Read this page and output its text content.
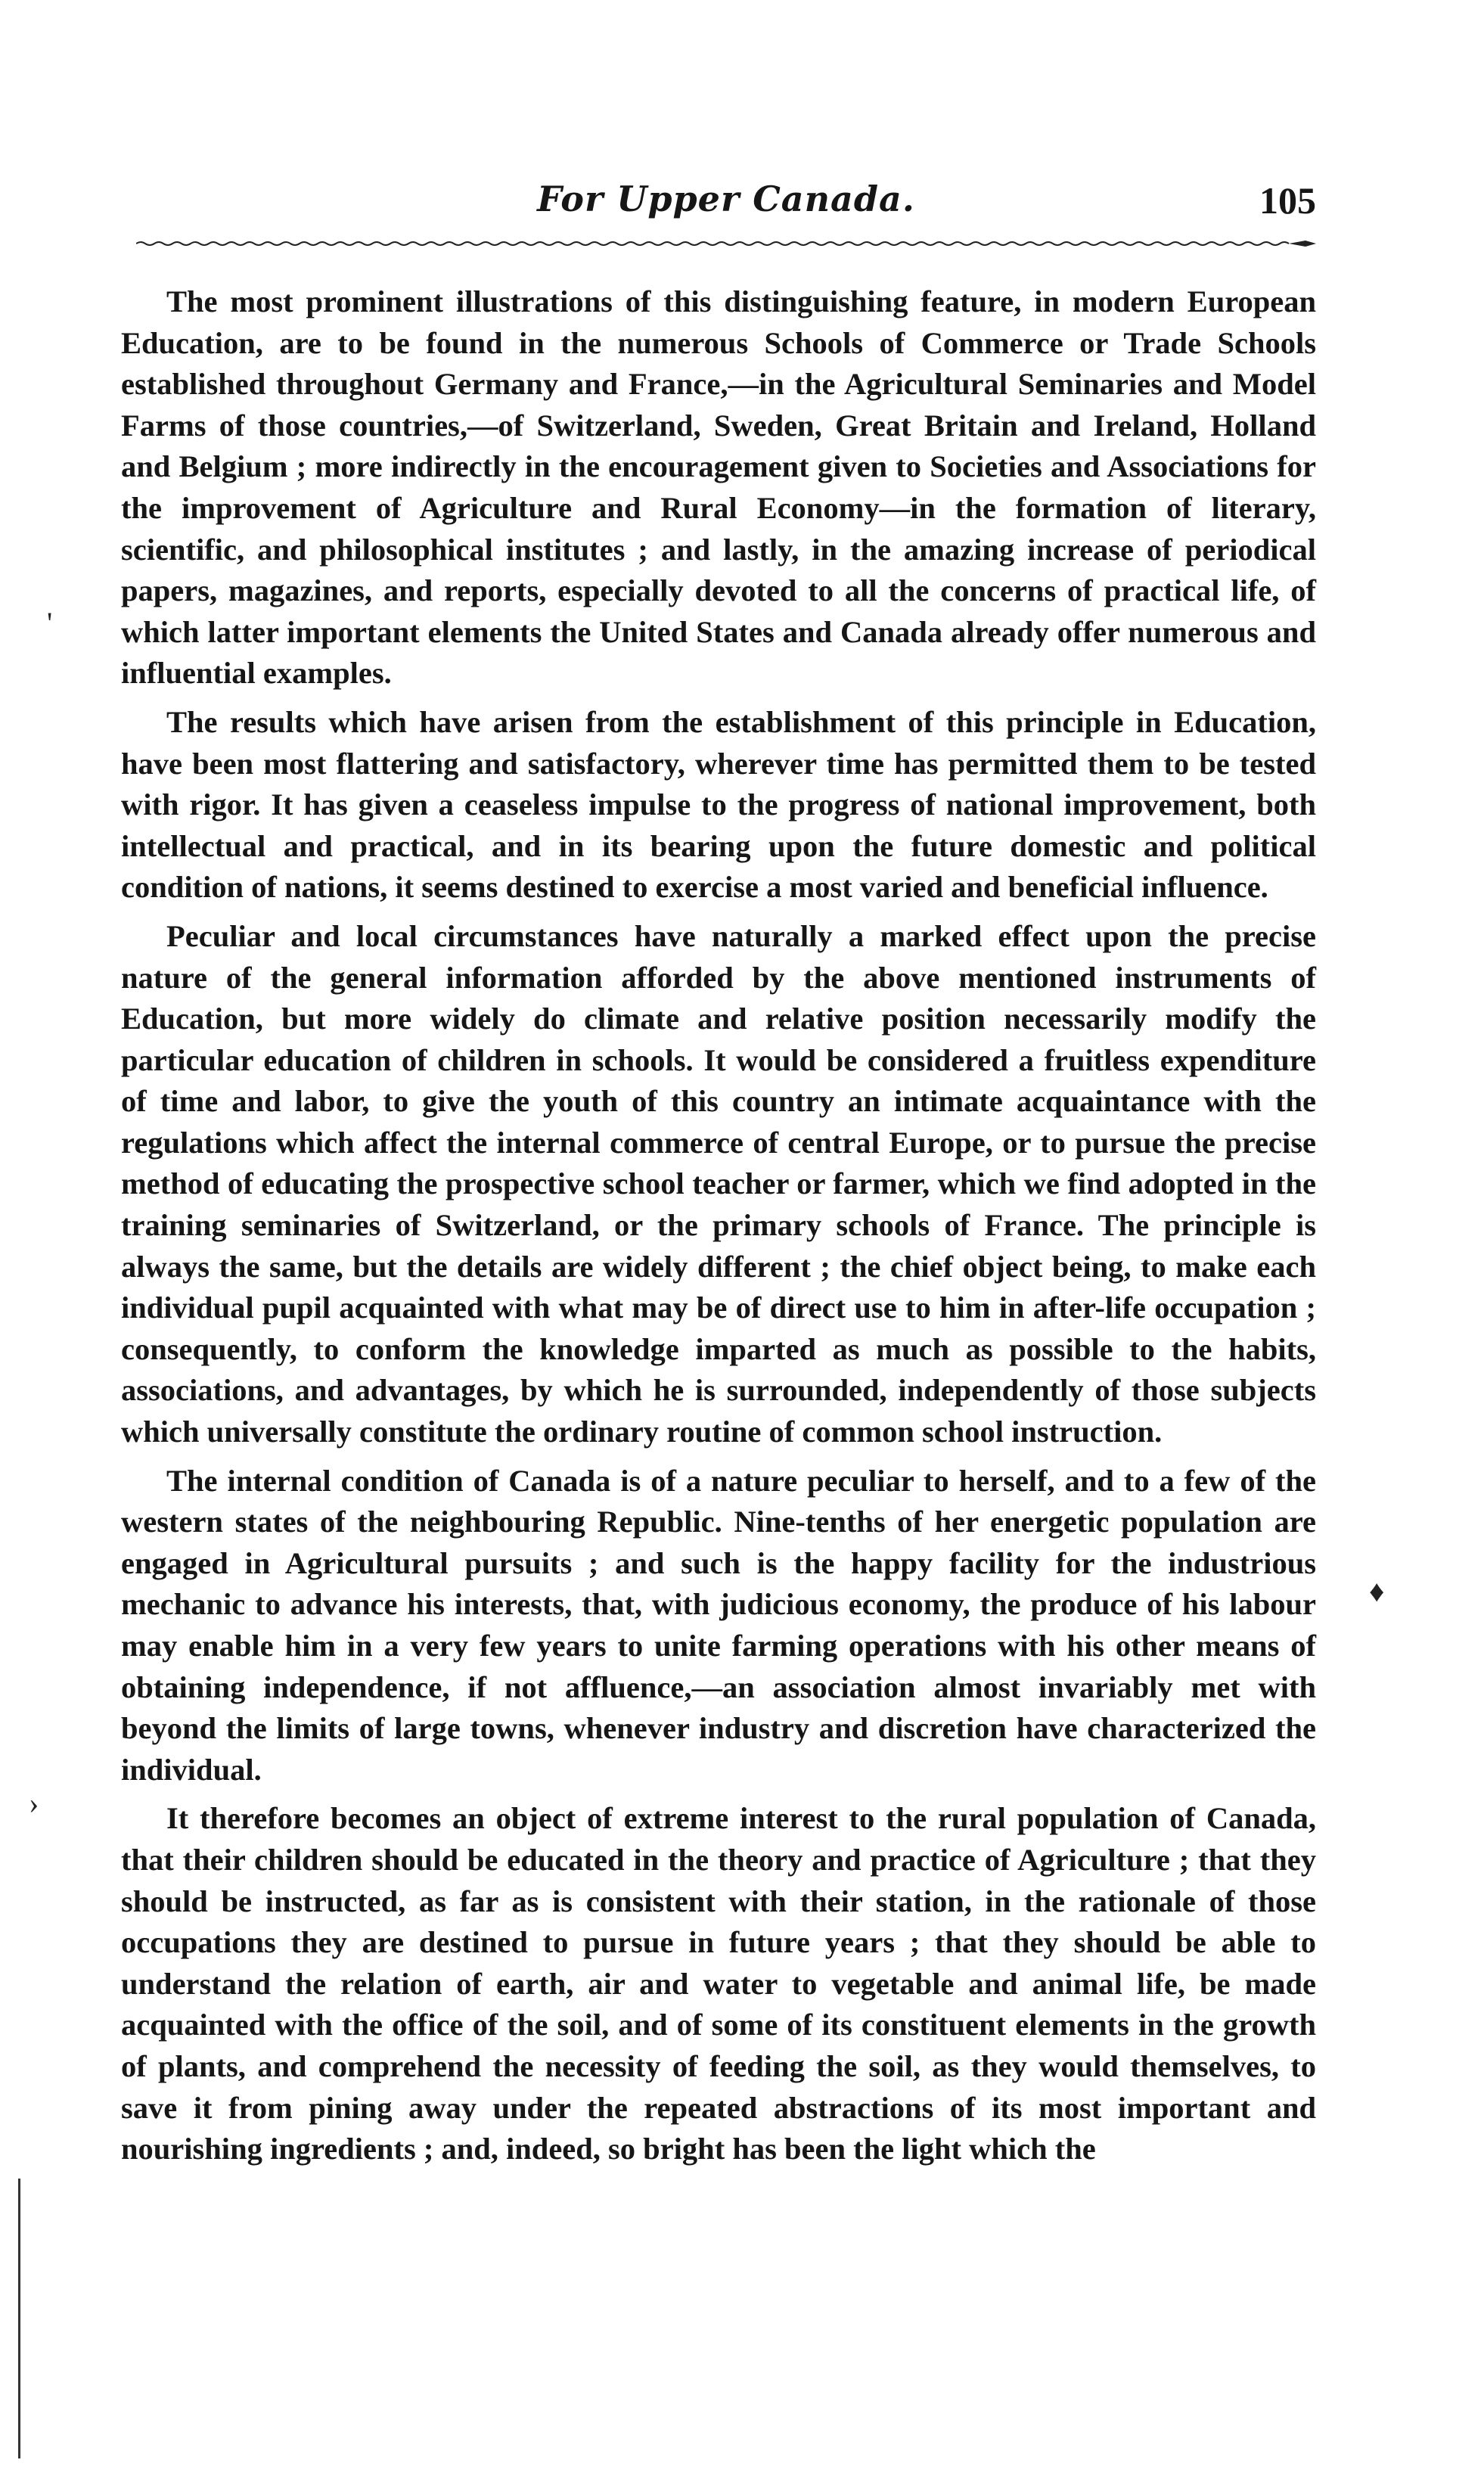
For Upper Canada.	105

The most prominent illustrations of this distinguishing feature, in modern European Education, are to be found in the numerous Schools of Commerce or Trade Schools established throughout Germany and France,—in the Agricultural Seminaries and Model Farms of those countries,—of Switzerland, Sweden, Great Britain and Ireland, Holland and Belgium ; more indirectly in the encouragement given to Societies and Associations for the improvement of Agriculture and Rural Economy—in the formation of literary, scientific, and philosophical institutes ; and lastly, in the amazing increase of periodical papers, magazines, and reports, especially devoted to all the concerns of practical life, of which latter important elements the United States and Canada already offer numerous and influential examples.

The results which have arisen from the establishment of this principle in Education, have been most flattering and satisfactory, wherever time has permitted them to be tested with rigor. It has given a ceaseless impulse to the progress of national improvement, both intellectual and practical, and in its bearing upon the future domestic and political condition of nations, it seems destined to exercise a most varied and beneficial influence.

Peculiar and local circumstances have naturally a marked effect upon the precise nature of the general information afforded by the above mentioned instruments of Education, but more widely do climate and relative position necessarily modify the particular education of children in schools. It would be considered a fruitless expenditure of time and labor, to give the youth of this country an intimate acquaintance with the regulations which affect the internal commerce of central Europe, or to pursue the precise method of educating the prospective school teacher or farmer, which we find adopted in the training seminaries of Switzerland, or the primary schools of France. The principle is always the same, but the details are widely different ; the chief object being, to make each individual pupil acquainted with what may be of direct use to him in after-life occupation ; consequently, to conform the knowledge imparted as much as possible to the habits, associations, and advantages, by which he is surrounded, independently of those subjects which universally constitute the ordinary routine of common school instruction.

The internal condition of Canada is of a nature peculiar to herself, and to a few of the western states of the neighbouring Republic. Nine-tenths of her energetic population are engaged in Agricultural pursuits ; and such is the happy facility for the industrious mechanic to advance his interests, that, with judicious economy, the produce of his labour may enable him in a very few years to unite farming operations with his other means of obtaining independence, if not affluence,—an association almost invariably met with beyond the limits of large towns, whenever industry and discretion have characterized the individual.

It therefore becomes an object of extreme interest to the rural population of Canada, that their children should be educated in the theory and practice of Agriculture ; that they should be instructed, as far as is consistent with their station, in the rationale of those occupations they are destined to pursue in future years ; that they should be able to understand the relation of earth, air and water to vegetable and animal life, be made acquainted with the office of the soil, and of some of its constituent elements in the growth of plants, and comprehend the necessity of feeding the soil, as they would themselves, to save it from pining away under the repeated abstractions of its most important and nourishing ingredients ; and, indeed, so bright has been the light which the

'
♦
›
